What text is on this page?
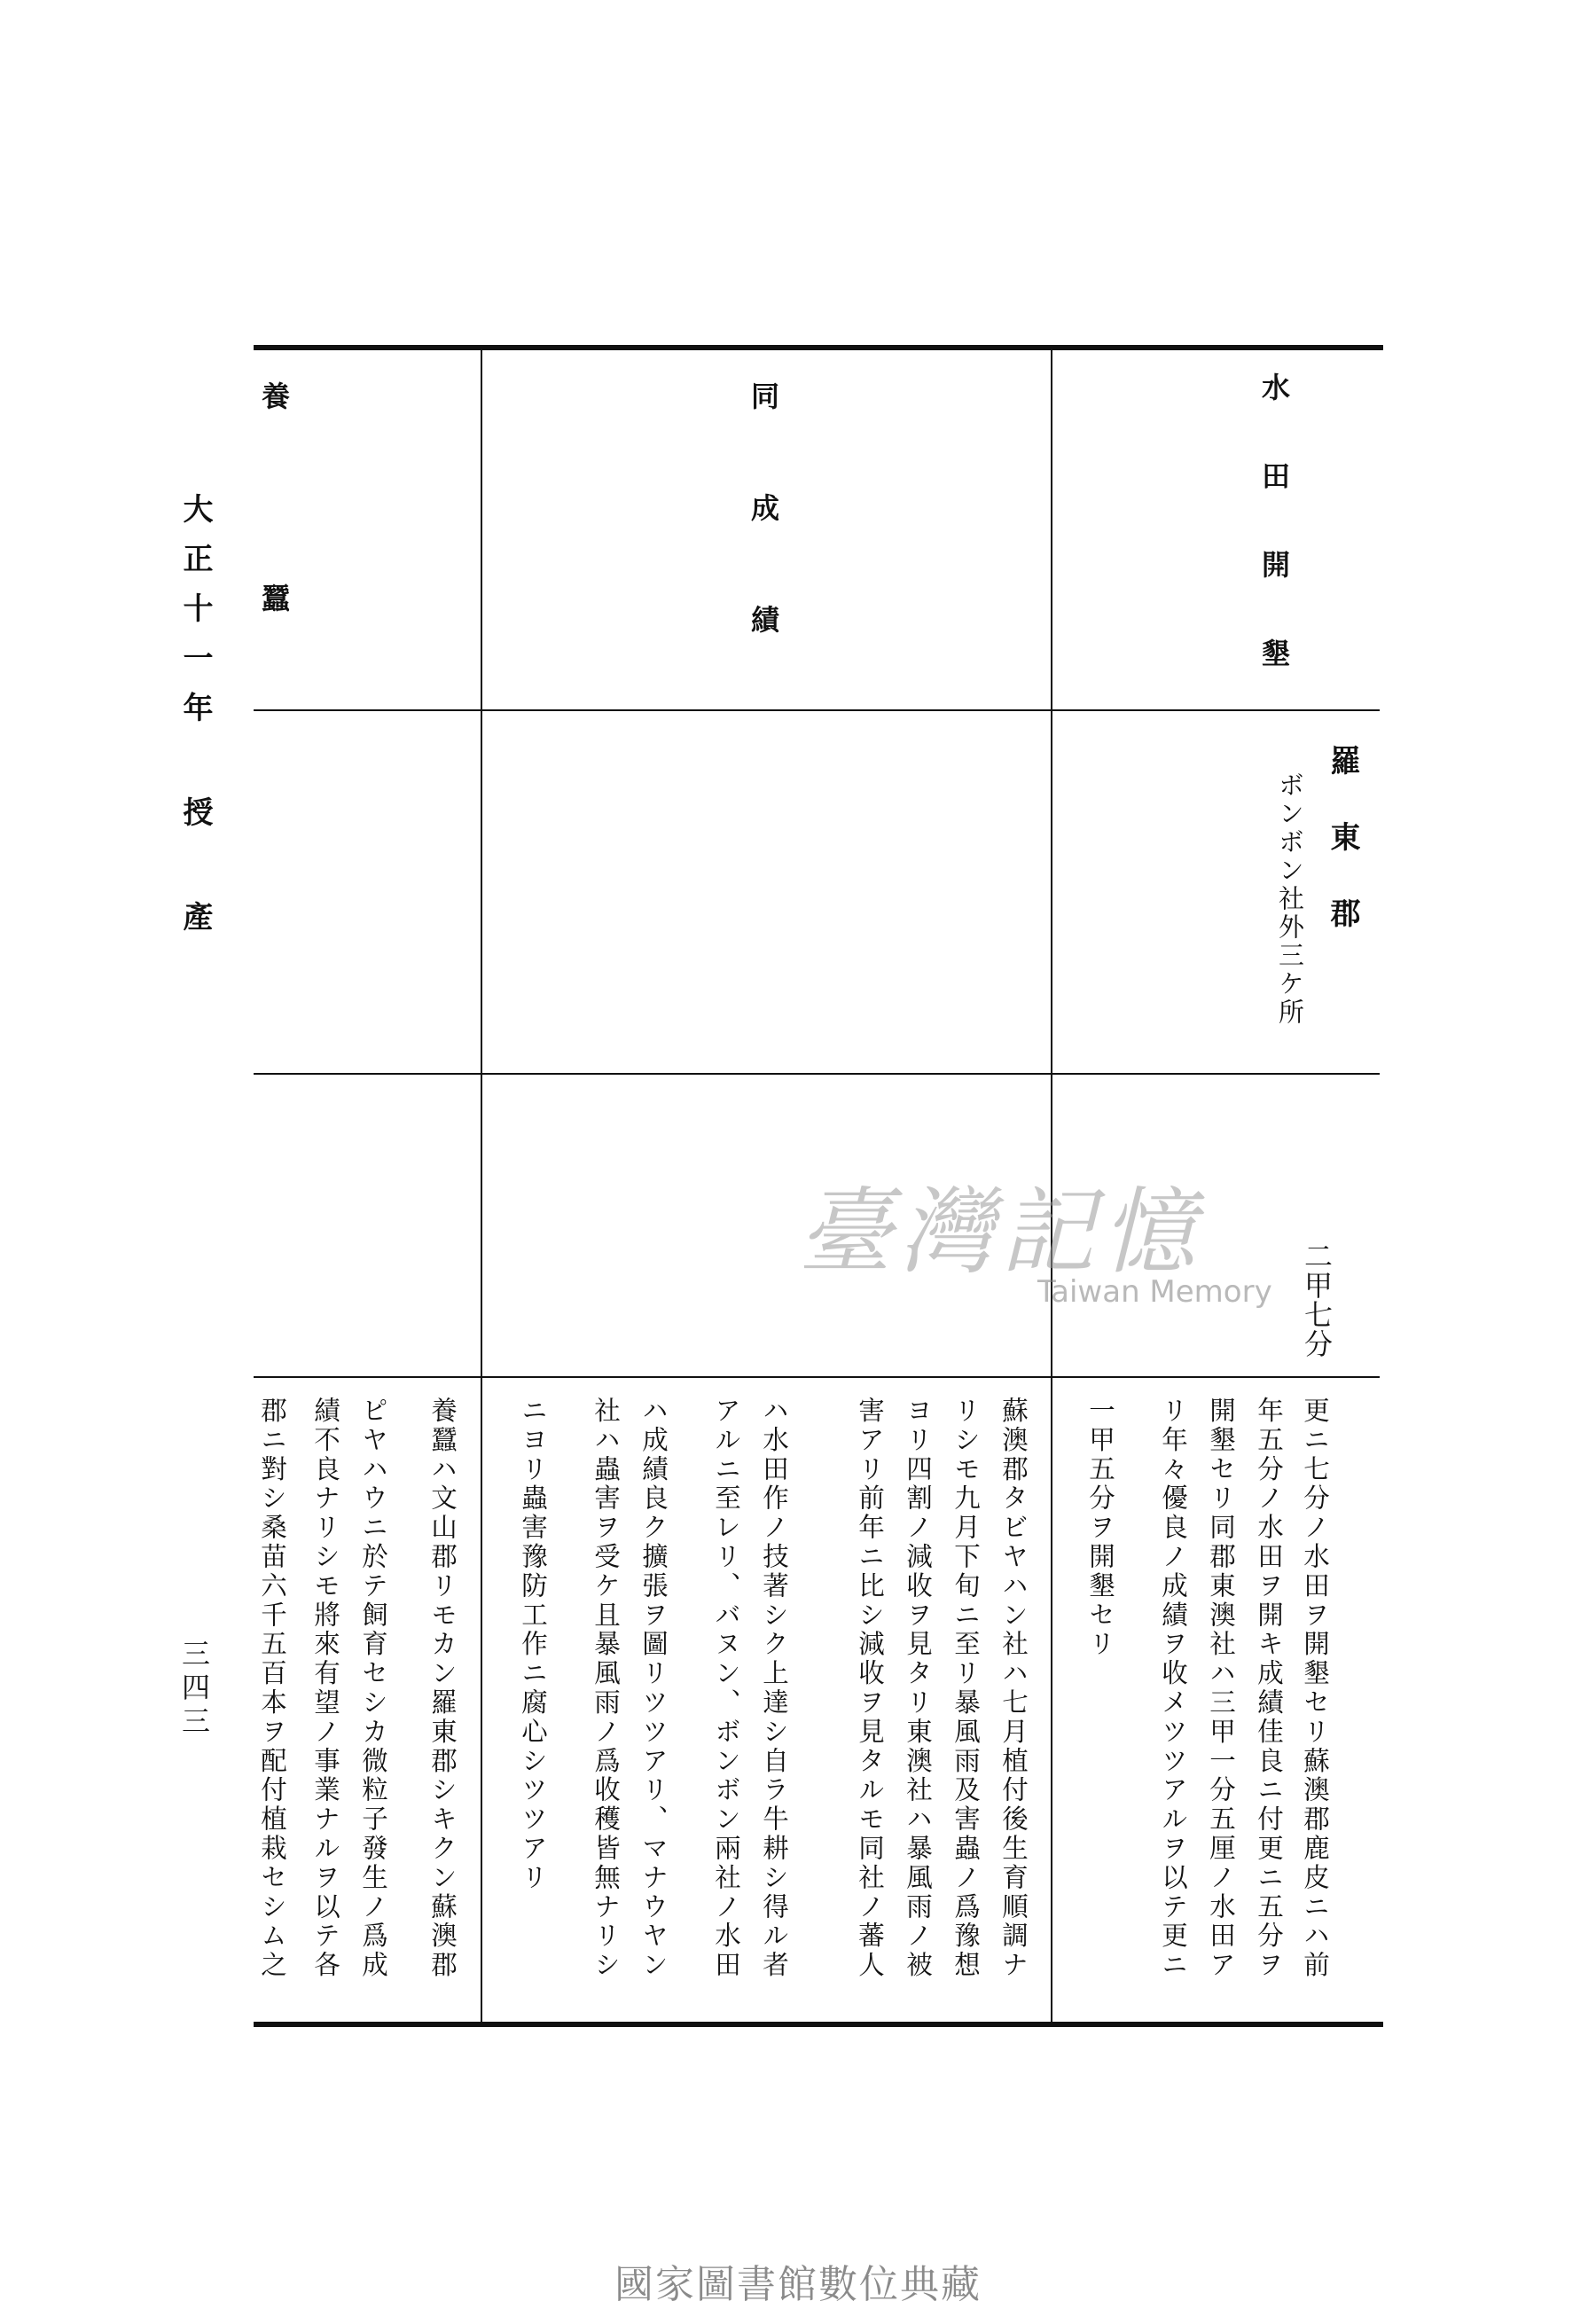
大正十一年 授 產
三四三
水田開墾
同成績
養蠶
羅東郡
ボンボン社外三ケ所
二甲七分
更ニ七分ノ水田ヲ開墾セリ蘇澳郡鹿皮ニハ前
年五分ノ水田ヲ開キ成績佳良ニ付更ニ五分ヲ
開墾セリ同郡東澳社ハ三甲一分五厘ノ水田ア
リ年々優良ノ成績ヲ收メツツアルヲ以テ更ニ
一甲五分ヲ開墾セリ
蘇澳郡タビヤハン社ハ七月植付後生育順調ナ
リシモ九月下旬ニ至リ暴風雨及害蟲ノ爲豫想
ヨリ四割ノ減收ヲ見タリ東澳社ハ暴風雨ノ被
害アリ前年ニ比シ減收ヲ見タルモ同社ノ蕃人
ハ水田作ノ技著シク上達シ自ラ牛耕シ得ル者
アルニ至レリ、バヌン、ボンボン兩社ノ水田
ハ成績良ク擴張ヲ圖リツツアリ、マナウヤン
社ハ蟲害ヲ受ケ且暴風雨ノ爲收穫皆無ナリシ
ニヨリ蟲害豫防工作ニ腐心シツツアリ
養蠶ハ文山郡リモカン羅東郡シキクン蘇澳郡
ピヤハウニ於テ飼育セシカ微粒子發生ノ爲成
績不良ナリシモ將來有望ノ事業ナルヲ以テ各
郡ニ對シ桑苗六千五百本ヲ配付植栽セシム之
臺灣記憶
Taiwan Memory
國家圖書館數位典藏
